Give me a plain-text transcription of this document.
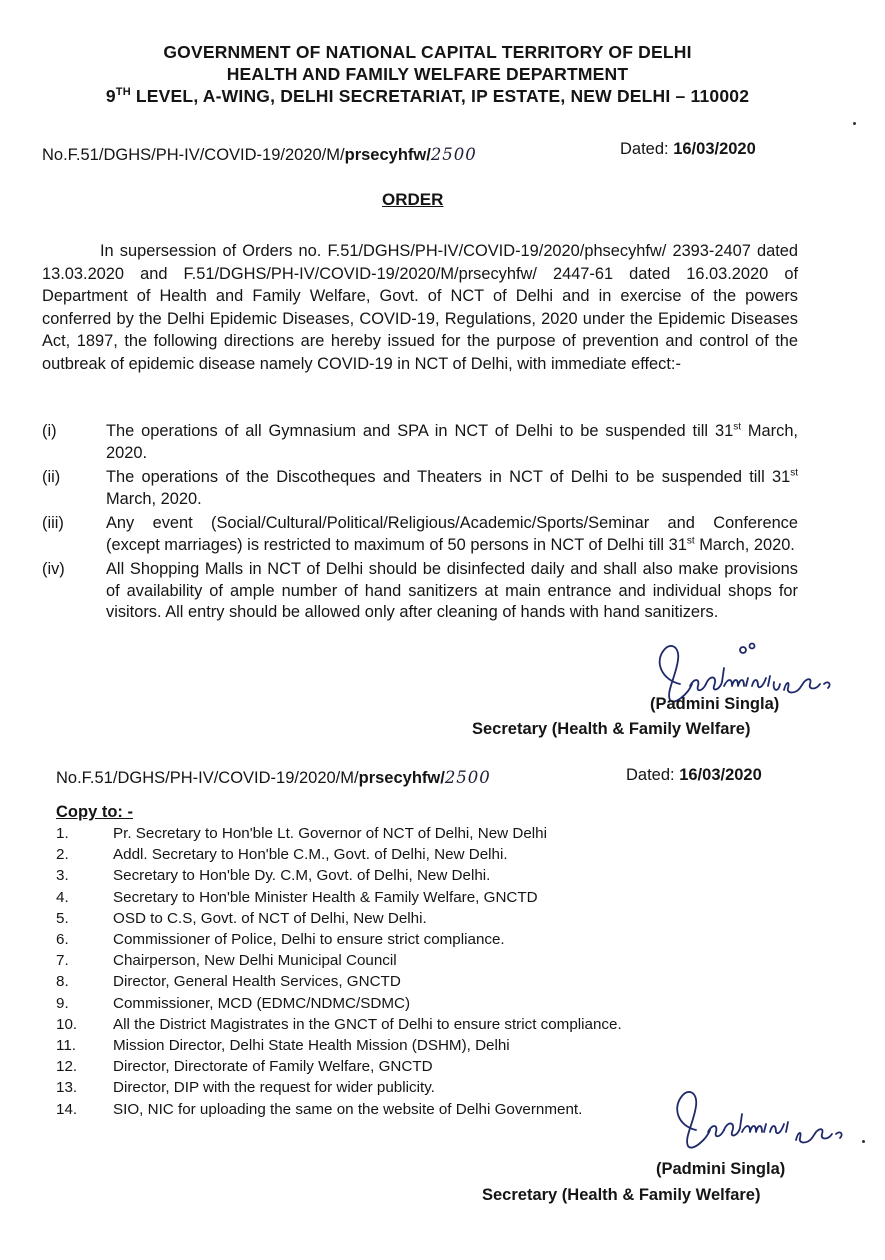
GOVERNMENT OF NATIONAL CAPITAL TERRITORY OF DELHI
HEALTH AND FAMILY WELFARE DEPARTMENT
9TH LEVEL, A-WING, DELHI SECRETARIAT, IP ESTATE, NEW DELHI – 110002
No.F.51/DGHS/PH-IV/COVID-19/2020/M/prsecyhfw/2500	Dated: 16/03/2020
ORDER
In supersession of Orders no. F.51/DGHS/PH-IV/COVID-19/2020/phsecyhfw/ 2393-2407 dated 13.03.2020 and F.51/DGHS/PH-IV/COVID-19/2020/M/prsecyhfw/ 2447-61 dated 16.03.2020 of Department of Health and Family Welfare, Govt. of NCT of Delhi and in exercise of the powers conferred by the Delhi Epidemic Diseases, COVID-19, Regulations, 2020 under the Epidemic Diseases Act, 1897, the following directions are hereby issued for the purpose of prevention and control of the outbreak of epidemic disease namely COVID-19 in NCT of Delhi, with immediate effect:-
(i)	The operations of all Gymnasium and SPA in NCT of Delhi to be suspended till 31st March, 2020.
(ii)	The operations of the Discotheques and Theaters in NCT of Delhi to be suspended till 31st March, 2020.
(iii)	Any event (Social/Cultural/Political/Religious/Academic/Sports/Seminar and Conference (except marriages) is restricted to maximum of 50 persons in NCT of Delhi till 31st March, 2020.
(iv)	All Shopping Malls in NCT of Delhi should be disinfected daily and shall also make provisions of availability of ample number of hand sanitizers at main entrance and individual shops for visitors. All entry should be allowed only after cleaning of hands with hand sanitizers.
(Padmini Singla)
Secretary (Health & Family Welfare)
No.F.51/DGHS/PH-IV/COVID-19/2020/M/prsecyhfw/2500	Dated: 16/03/2020
Copy to: -
1.	Pr. Secretary to Hon'ble Lt. Governor of NCT of Delhi, New Delhi
2.	Addl. Secretary to Hon'ble C.M., Govt. of Delhi, New Delhi.
3.	Secretary to Hon'ble Dy. C.M, Govt. of Delhi, New Delhi.
4.	Secretary to Hon'ble Minister Health & Family Welfare, GNCTD
5.	OSD to C.S, Govt. of NCT of Delhi, New Delhi.
6.	Commissioner of Police, Delhi to ensure strict compliance.
7.	Chairperson, New Delhi Municipal Council
8.	Director, General Health Services, GNCTD
9.	Commissioner, MCD (EDMC/NDMC/SDMC)
10.	All the District Magistrates in the GNCT of Delhi to ensure strict compliance.
11.	Mission Director, Delhi State Health Mission (DSHM), Delhi
12.	Director, Directorate of Family Welfare, GNCTD
13.	Director, DIP with the request for wider publicity.
14.	SIO, NIC for uploading the same on the website of Delhi Government.
(Padmini Singla)
Secretary (Health & Family Welfare)
